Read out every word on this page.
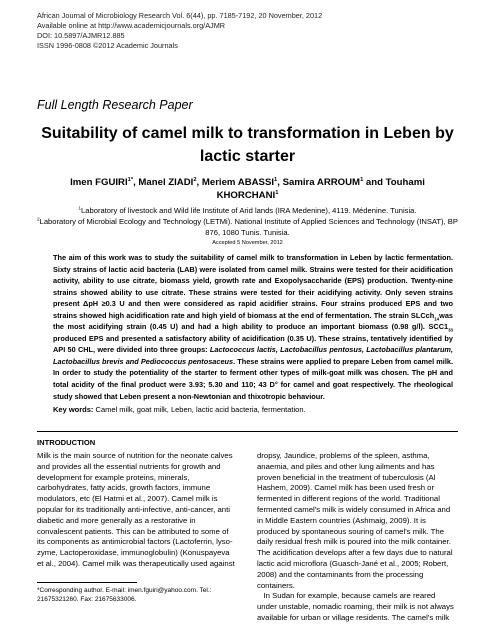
African Journal of Microbiology Research Vol. 6(44), pp. 7185-7192, 20 November, 2012
Available online at http://www.academicjournals.org/AJMR
DOI: 10.5897/AJMR12.885
ISSN 1996-0808 ©2012 Academic Journals
Full Length Research Paper
Suitability of camel milk to transformation in Leben by lactic starter
Imen $FGUIRI^{1*}$, Manel ZIADI$^2$, Meriem ABASSI$^1$, Samira ARROUM$^1$ and Touhami KHORCHANI$^1$
$^1$Laboratory of livestock and Wild life Institute of Arid lands (IRA Medenine), 4119. Médenine. Tunisia.
$^2$Laboratory of Microbial Ecology and Technology (LETMi). National Institute of Applied Sciences and Technology (INSAT), BP 876, 1080 Tunis. Tunisia.
Accepted 5 November, 2012
The aim of this work was to study the suitability of camel milk to transformation in Leben by lactic fermentation. Sixty strains of lactic acid bacteria (LAB) were isolated from camel milk. Strains were tested for their acidification activity, ability to use citrate, biomass yield, growth rate and Exopolysaccharide (EPS) production. Twenty-nine strains showed ability to use citrate. These strains were tested for their acidifying activity. Only seven strains present ΔpH ≥0.3 U and then were considered as rapid acidifier strains. Four strains produced EPS and two strains showed high acidification rate and high yield of biomass at the end of fermentation. The strain SLCch$_{14}$was the most acidifying strain (0.45 U) and had a high ability to produce an important biomass (0.98 g/l). $SCC1_{33}$ produced EPS and presented a satisfactory ability of acidification (0.35 U). These strains, tentatively identified by API 50 CHL, were divided into three groups: Lactococcus lactis, Lactobacillus pentosus, Lactobacillus plantarum, Lactobacillus brevis and Pediococcus pentosaceus. These strains were applied to prepare Leben from camel milk. In order to study the potentiality of the starter to ferment other types of milk-goat milk was chosen. The pH and total acidity of the final product were 3.93; 5.30 and 110; 43 D° for camel and goat respectively. The rheological study showed that Leben present a non-Newtonian and thixotropic behaviour.
Key words: Camel milk, goat milk, Leben, lactic acid bacteria, fermentation.
INTRODUCTION
Milk is the main source of nutrition for the neonate calves
and provides all the essential nutrients for growth and
development for example proteins, minerals,
carbohydrates, fatty acids, growth factors, immune
modulators, etc (El Hatmi et al., 2007). Camel milk is
popular for its traditionally anti-infective, anti-cancer, anti
diabetic and more generally as a restorative in
convalescent patients. This can be attributed to some of
its components as antimicrobial factors (Lactoferrin, lyso-
zyme, Lactoperoxidase, immunoglobulin) (Konuspayeva
et al., 2004). Camel milk was therapeutically used against
dropsy, Jaundice, problems of the spleen, asthma,
anaemia, and piles and other lung ailments and has
proven beneficial in the treatment of tuberculosis (Al
Hashem, 2009). Camel milk has been used fresh or
fermented in different regions of the world. Traditional
fermented camel's milk is widely consumed in Africa and
in Middle Eastern countries (Ashmaig, 2009). It is
produced by spontaneous souring of camel's milk. The
daily residual fresh milk is poured into the milk container.
The acidification develops after a few days due to natural
lactic acid microflora (Guasch-Jané et al., 2005; Robert,
2008) and the contaminants from the processing
containers.
In Sudan for example, because camels are reared
under unstable, nomadic roaming, their milk is not always
available for urban or village residents. The camel's milk
*Corresponding author. E-mail: imen.fguiri@yahoo.com. Tel.:
21675321260. Fax: 21675633006.
